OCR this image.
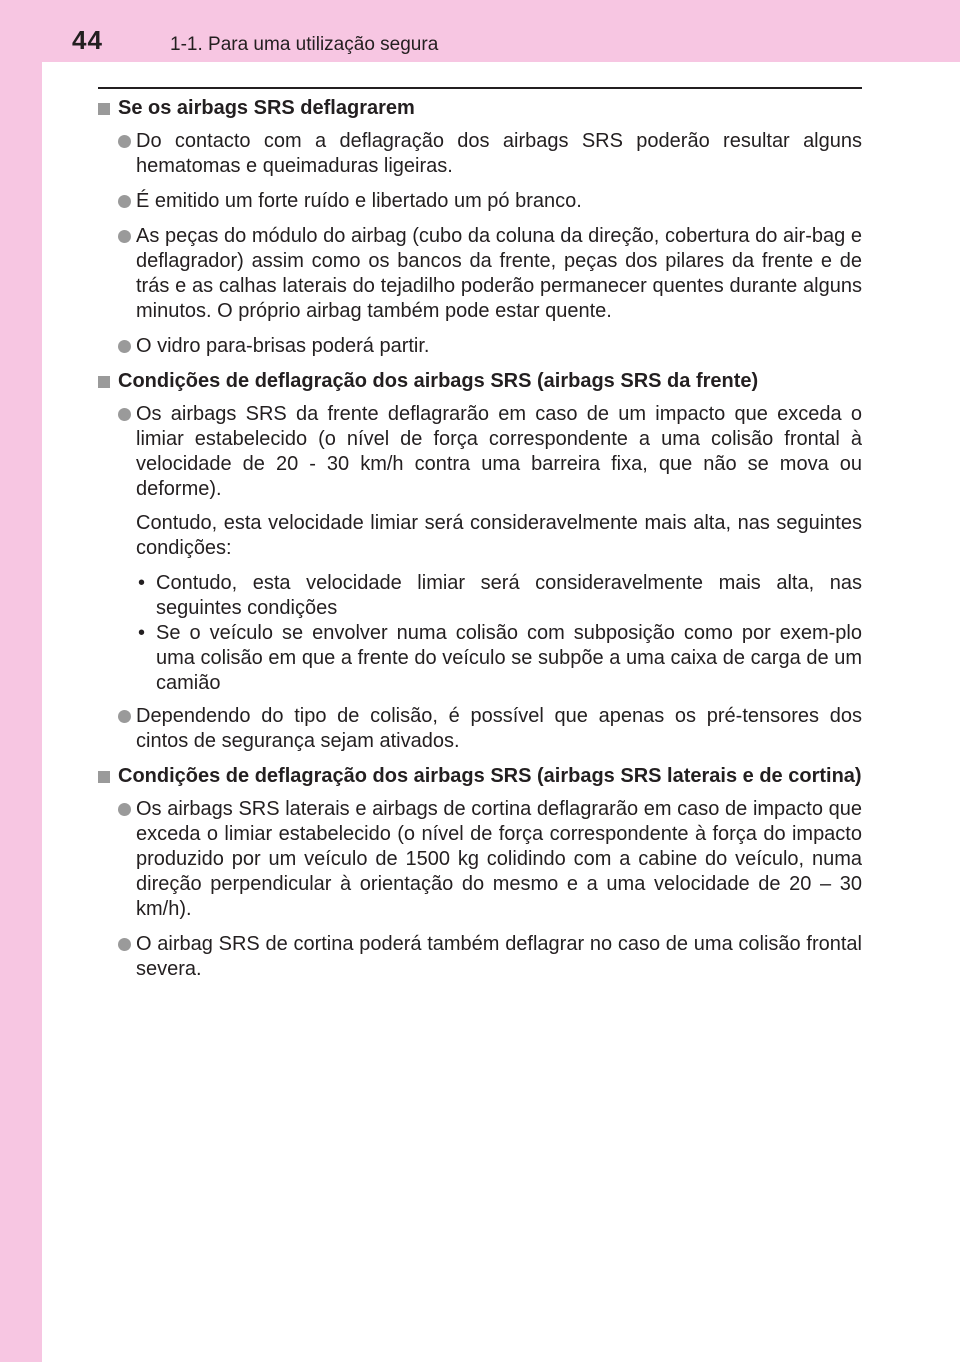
44	1-1. Para uma utilização segura
Se os airbags SRS deflagrarem
Do contacto com a deflagração dos airbags SRS poderão resultar alguns hematomas e queimaduras ligeiras.
É emitido um forte ruído e libertado um pó branco.
As peças do módulo do airbag (cubo da coluna da direção, cobertura do air-bag e deflagrador) assim como os bancos da frente, peças dos pilares da frente e de trás e as calhas laterais do tejadilho poderão permanecer quentes durante alguns minutos. O próprio airbag também pode estar quente.
O vidro para-brisas poderá partir.
Condições de deflagração dos airbags SRS (airbags SRS da frente)
Os airbags SRS da frente deflagrarão em caso de um impacto que exceda o limiar estabelecido (o nível de força correspondente a uma colisão frontal à velocidade de 20 - 30 km/h contra uma barreira fixa, que não se mova ou deforme).
Contudo, esta velocidade limiar será consideravelmente mais alta, nas seguintes condições:
• Contudo, esta velocidade limiar será consideravelmente mais alta, nas seguintes condições
• Se o veículo se envolver numa colisão com subposição como por exem-plo uma colisão em que a frente do veículo se subpõe a uma caixa de carga de um camião
Dependendo do tipo de colisão, é possível que apenas os pré-tensores dos cintos de segurança sejam ativados.
Condições de deflagração dos airbags SRS (airbags SRS laterais e de cortina)
Os airbags SRS laterais e airbags de cortina deflagrarão em caso de impacto que exceda o limiar estabelecido (o nível de força correspondente à força do impacto produzido por um veículo de 1500 kg colidindo com a cabine do veículo, numa direção perpendicular à orientação do mesmo e a uma velocidade de 20 – 30 km/h).
O airbag SRS de cortina poderá também deflagrar no caso de uma colisão frontal severa.
